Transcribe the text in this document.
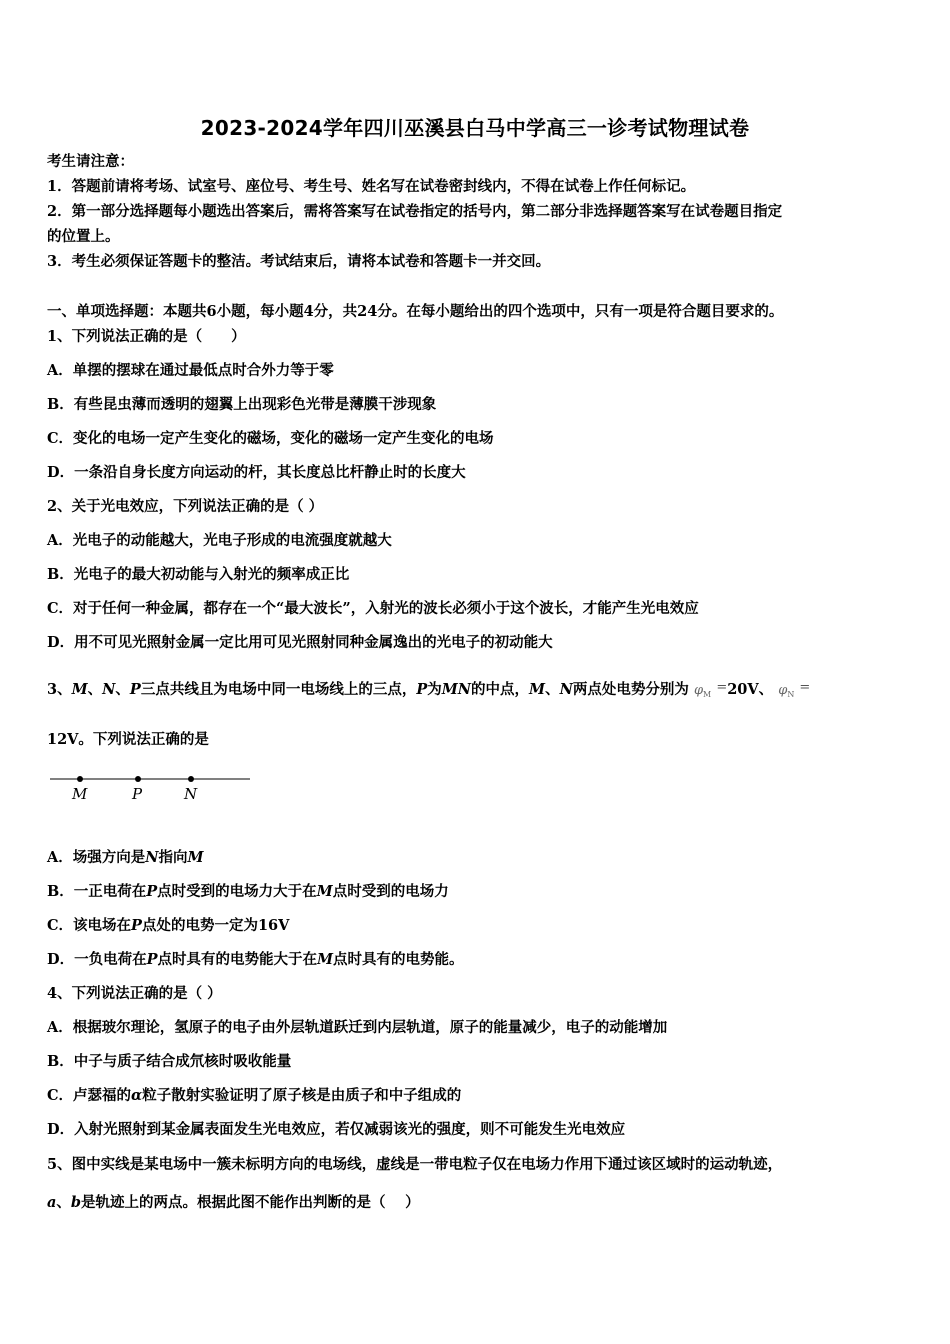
2023-2024学年四川巫溪县白马中学高三一诊考试物理试卷
考生请注意：
1．答题前请将考场、试室号、座位号、考生号、姓名写在试卷密封线内，不得在试卷上作任何标记。
2．第一部分选择题每小题选出答案后，需将答案写在试卷指定的括号内，第二部分非选择题答案写在试卷题目指定
的位置上。
3．考生必须保证答题卡的整洁。考试结束后，请将本试卷和答题卡一并交回。
一、单项选择题：本题共6小题，每小题4分，共24分。在每小题给出的四个选项中，只有一项是符合题目要求的。
1、下列说法正确的是（　　）
A．单摆的摆球在通过最低点时合外力等于零
B．有些昆虫薄而透明的翅翼上出现彩色光带是薄膜干涉现象
C．变化的电场一定产生变化的磁场，变化的磁场一定产生变化的电场
D．一条沿自身长度方向运动的杆，其长度总比杆静止时的长度大
2、关于光电效应，下列说法正确的是（ ）
A．光电子的动能越大，光电子形成的电流强度就越大
B．光电子的最大初动能与入射光的频率成正比
C．对于任何一种金属，都存在一个“最大波长”，入射光的波长必须小于这个波长，才能产生光电效应
D．用不可见光照射金属一定比用可见光照射同种金属逸出的光电子的初动能大
3、M、N、P三点共线且为电场中同一电场线上的三点，P为MN的中点，M、N两点处电势分别为 $\varphi_M =20V$、 $\varphi_N$ =
12V。下列说法正确的是
M	P	N
A．场强方向是N指向M
B．一正电荷在P点时受到的电场力大于在M点时受到的电场力
C．该电场在P点处的电势一定为16V
D．一负电荷在P点时具有的电势能大于在M点时具有的电势能。
4、下列说法正确的是（ ）
A．根据玻尔理论，氢原子的电子由外层轨道跃迁到内层轨道，原子的能量减少，电子的动能增加
B．中子与质子结合成氘核时吸收能量
C．卢瑟福的α粒子散射实验证明了原子核是由质子和中子组成的
D．入射光照射到某金属表面发生光电效应，若仅减弱该光的强度，则不可能发生光电效应
5、图中实线是某电场中一簇未标明方向的电场线，虚线是一带电粒子仅在电场力作用下通过该区域时的运动轨迹，
a、b是轨迹上的两点。根据此图不能作出判断的是（　 ）
